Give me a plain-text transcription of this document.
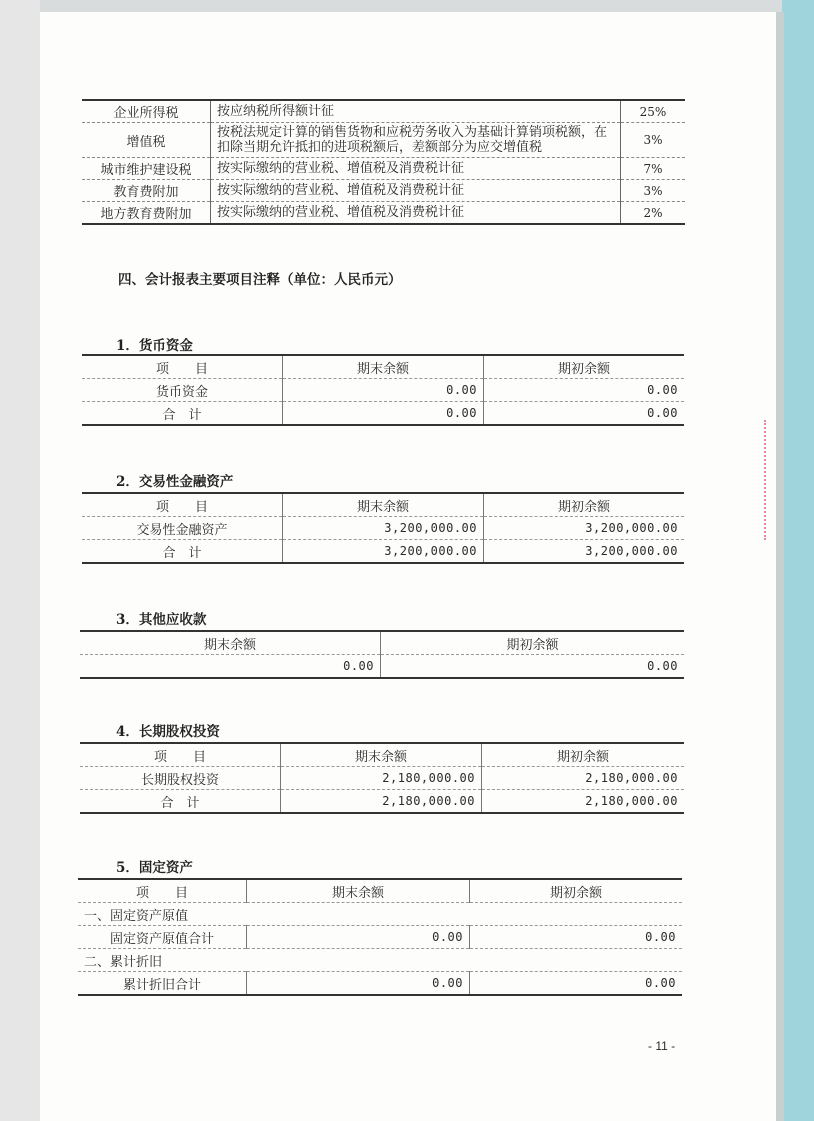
企业所得税	按应纳税所得额计征	25%
增值税	按税法规定计算的销售货物和应税劳务收入为基础计算销项税额，在扣除当期允许抵扣的进项税额后，差额部分为应交增值税	3%
城市维护建设税	按实际缴纳的营业税、增值税及消费税计征	7%
教育费附加	按实际缴纳的营业税、增值税及消费税计征	3%
地方教育费附加	按实际缴纳的营业税、增值税及消费税计征	2%
四、会计报表主要项目注释（单位：人民币元）
1．货币资金
项　　目	期末余额	期初余额
货币资金	0.00	0.00
合　计	0.00	0.00
2．交易性金融资产
项　　目	期末余额	期初余额
交易性金融资产	3,200,000.00	3,200,000.00
合　计	3,200,000.00	3,200,000.00
3．其他应收款
期末余额	期初余额
0.00	0.00
4．长期股权投资
项　　目	期末余额	期初余额
长期股权投资	2,180,000.00	2,180,000.00
合　计	2,180,000.00	2,180,000.00
5．固定资产
项　　目	期末余额	期初余额
一、固定资产原值		
固定资产原值合计	0.00	0.00
二、累计折旧		
累计折旧合计	0.00	0.00
- 11 -
